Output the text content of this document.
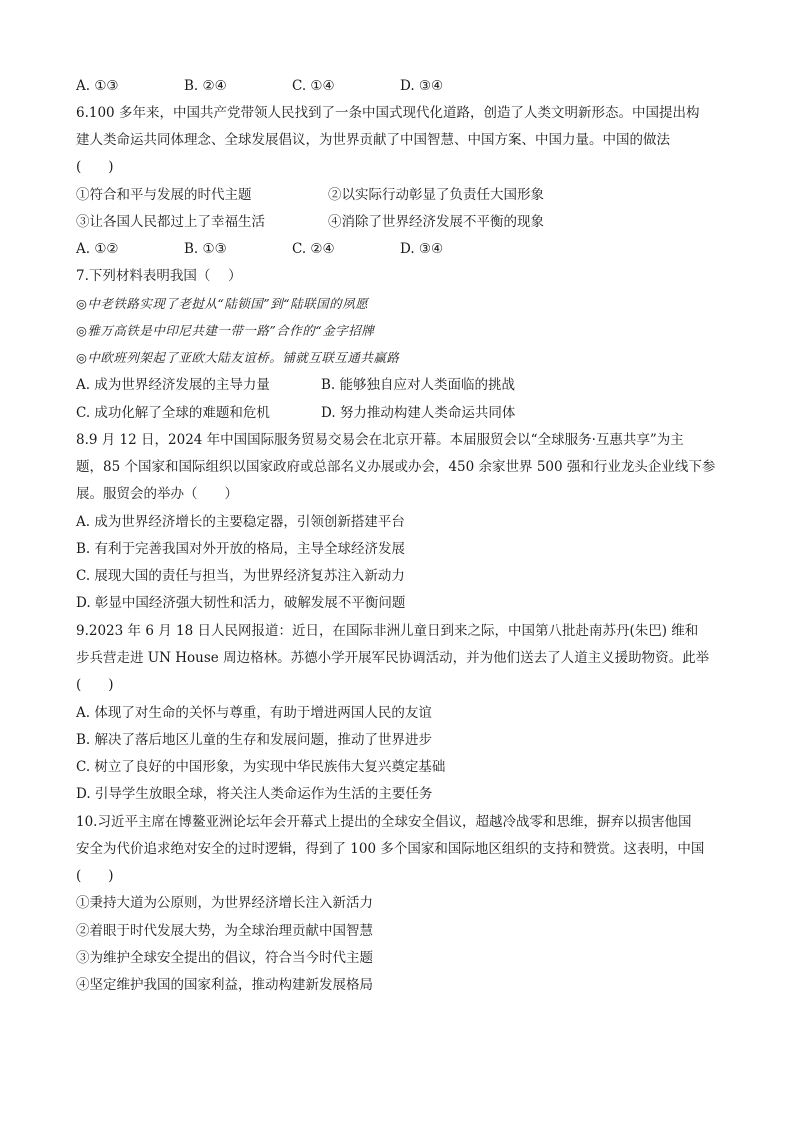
A. ①③	B. ②④	C. ①④	D. ③④
6.100 多年来，中国共产党带领人民找到了一条中国式现代化道路，创造了人类文明新形态。中国提出构
建人类命运共同体理念、全球发展倡议，为世界贡献了中国智慧、中国方案、中国力量。中国的做法
(　　)
①符合和平与发展的时代主题	②以实际行动彰显了负责任大国形象
③让各国人民都过上了幸福生活	④消除了世界经济发展不平衡的现象
A. ①②	B. ①③	C. ②④	D. ③④
7.下列材料表明我国（　 ）
◎中老铁路实现了老挝从“陆锁国”到“陆联国的夙愿
◎雅万高铁是中印尼共建一带一路”合作的“金字招牌
◎中欧班列架起了亚欧大陆友谊桥。铺就互联互通共赢路
A. 成为世界经济发展的主导力量	B. 能够独自应对人类面临的挑战
C. 成功化解了全球的难题和危机	D. 努力推动构建人类命运共同体
8.9 月 12 日，2024 年中国国际服务贸易交易会在北京开幕。本届服贸会以“全球服务·互惠共享”为主
题，85 个国家和国际组织以国家政府或总部名义办展或办会，450 余家世界 500 强和行业龙头企业线下参
展。服贸会的举办（　　）
A. 成为世界经济增长的主要稳定器，引领创新搭建平台
B. 有利于完善我国对外开放的格局，主导全球经济发展
C. 展现大国的责任与担当，为世界经济复苏注入新动力
D. 彰显中国经济强大韧性和活力，破解发展不平衡问题
9.2023 年 6 月 18 日人民网报道：近日，在国际非洲儿童日到来之际，中国第八批赴南苏丹(朱巴) 维和
步兵营走进 UN House 周边格林。苏德小学开展军民协调活动，并为他们送去了人道主义援助物资。此举
(　　)
A. 体现了对生命的关怀与尊重，有助于增进两国人民的友谊
B. 解决了落后地区儿童的生存和发展问题，推动了世界进步
C. 树立了良好的中国形象，为实现中华民族伟大复兴奠定基础
D. 引导学生放眼全球，将关注人类命运作为生活的主要任务
10.习近平主席在博鳌亚洲论坛年会开幕式上提出的全球安全倡议，超越冷战零和思维，摒弃以损害他国
安全为代价追求绝对安全的过时逻辑，得到了 100 多个国家和国际地区组织的支持和赞赏。这表明，中国
(　　)
①秉持大道为公原则，为世界经济增长注入新活力
②着眼于时代发展大势，为全球治理贡献中国智慧
③为维护全球安全提出的倡议，符合当今时代主题
④坚定维护我国的国家利益，推动构建新发展格局
